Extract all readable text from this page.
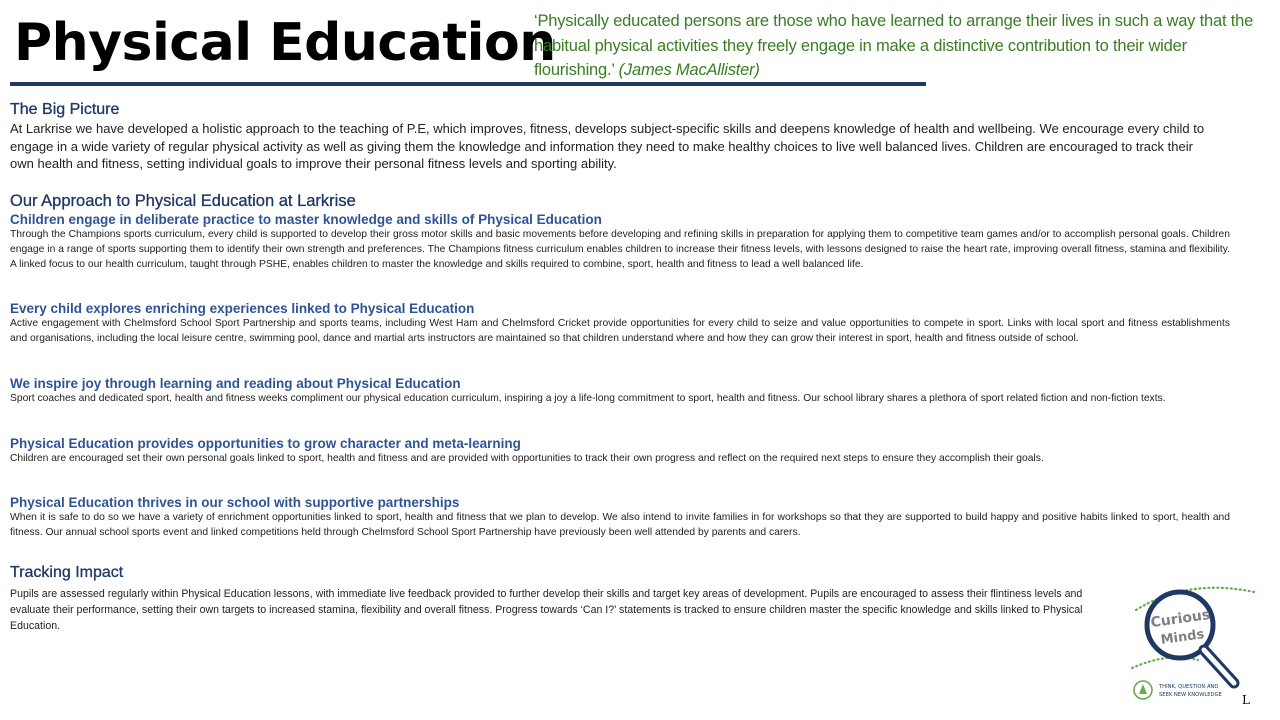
Physical Education
‘Physically educated persons are those who have learned to arrange their lives in such a way that the habitual physical activities they freely engage in make a distinctive contribution to their wider flourishing.’ (James MacAllister)
The Big Picture

At Larkrise we have developed a holistic approach to the teaching of P.E, which improves, fitness, develops subject-specific skills and deepens knowledge of health and wellbeing. We encourage every child to engage in a wide variety of regular physical activity as well as giving them the knowledge and information they need to make healthy choices to live well balanced lives. Children are encouraged to track their own health and fitness, setting individual goals to improve their personal fitness levels and sporting ability.

Our Approach to Physical Education at Larkrise
Children engage in deliberate practice to master knowledge and skills of Physical Education

Through the Champions sports curriculum, every child is supported to develop their gross motor skills and basic movements before developing and refining skills in preparation for applying them to competitive team games and/or to accomplish personal goals. Children engage in a range of sports supporting them to identify their own strength and preferences. The Champions fitness curriculum enables children to increase their fitness levels, with lessons designed to raise the heart rate, improving overall fitness, stamina and flexibility. A linked focus to our health curriculum, taught through PSHE, enables children to master the knowledge and skills required to combine, sport, health and fitness to lead a well balanced life.

Every child explores enriching experiences linked to Physical Education

Active engagement with Chelmsford School Sport Partnership and sports teams, including West Ham and Chelmsford Cricket provide opportunities for every child to seize and value opportunities to compete in sport. Links with local sport and fitness establishments and organisations, including the local leisure centre, swimming pool, dance and martial arts instructors are maintained so that children understand where and how they can grow their interest in sport, health and fitness outside of school.

We inspire joy through learning and reading about Physical Education

Sport coaches and dedicated sport, health and fitness weeks compliment our physical education curriculum, inspiring a joy a life-long commitment to sport, health and fitness. Our school library shares a plethora of sport related fiction and non-fiction texts.

Physical Education provides opportunities to grow character and meta-learning

Children are encouraged set their own personal goals linked to sport, health and fitness and are provided with opportunities to track their own progress and reflect on the required next steps to ensure they accomplish their goals.

Physical Education thrives in our school with supportive partnerships

When it is safe to do so we have a variety of enrichment opportunities linked to sport, health and fitness that we plan to develop. We also intend to invite families in for workshops so that they are supported to build happy and positive habits linked to sport, health and fitness. Our annual school sports event and linked competitions held through Chelmsford School Sport Partnership have previously been well attended by parents and carers.

Tracking Impact

Pupils are assessed regularly within Physical Education lessons, with immediate live feedback provided to further develop their skills and target key areas of development. Pupils are encouraged to assess their flintiness levels and evaluate their performance, setting their own targets to increased stamina, flexibility and overall fitness. Progress towards ‘Can I?’ statements is tracked to ensure children master the specific knowledge and skills linked to Physical Education.	Curious
Minds
THINK, QUESTION AND
SEEK NEW KNOWLEDGE L
